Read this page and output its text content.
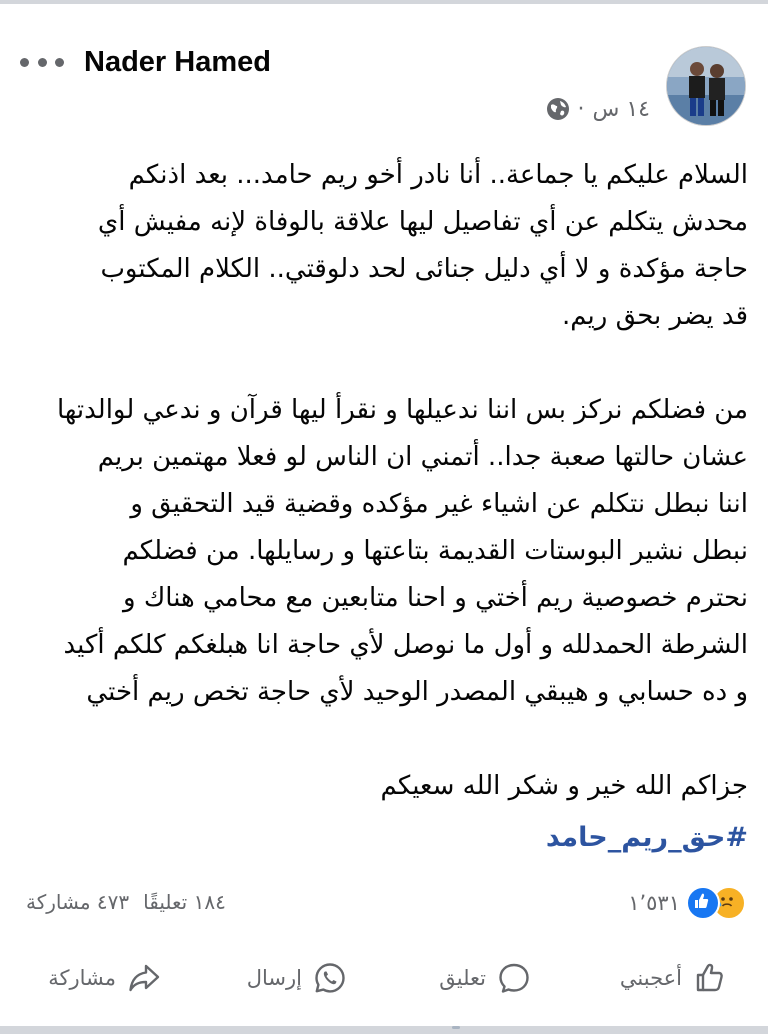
Nader Hamed
١٤ س
·

السلام عليكم يا جماعة.. أنا نادر أخو ريم حامد... بعد اذنكم

محدش يتكلم عن أي تفاصيل ليها علاقة بالوفاة لإنه مفيش أي

حاجة مؤكدة و لا أي دليل جنائى لحد دلوقتي.. الكلام المكتوب

قد يضر بحق ريم.

من فضلكم نركز بس اننا ندعيلها و نقرأ ليها قرآن و ندعي لوالدتها

عشان حالتها صعبة جدا.. أتمني ان الناس لو فعلا مهتمين بريم

اننا نبطل نتكلم عن اشياء غير مؤكده وقضية قيد التحقيق و

نبطل نشير البوستات القديمة بتاعتها و رسايلها. من فضلكم

نحترم خصوصية ريم أختي و احنا متابعين مع محامي هناك و

الشرطة الحمدلله و أول ما نوصل لأي حاجة انا هبلغكم كلكم أكيد

و ده حسابي و هيبقي المصدر الوحيد لأي حاجة تخص ريم أختي

جزاكم الله خير و شكر الله سعيكم

#حق_ريم_حامد
١٬٥٣١
١٨٤ تعليقًا
٤٧٣ مشاركة
أعجبني
تعليق
إرسال
مشاركة
